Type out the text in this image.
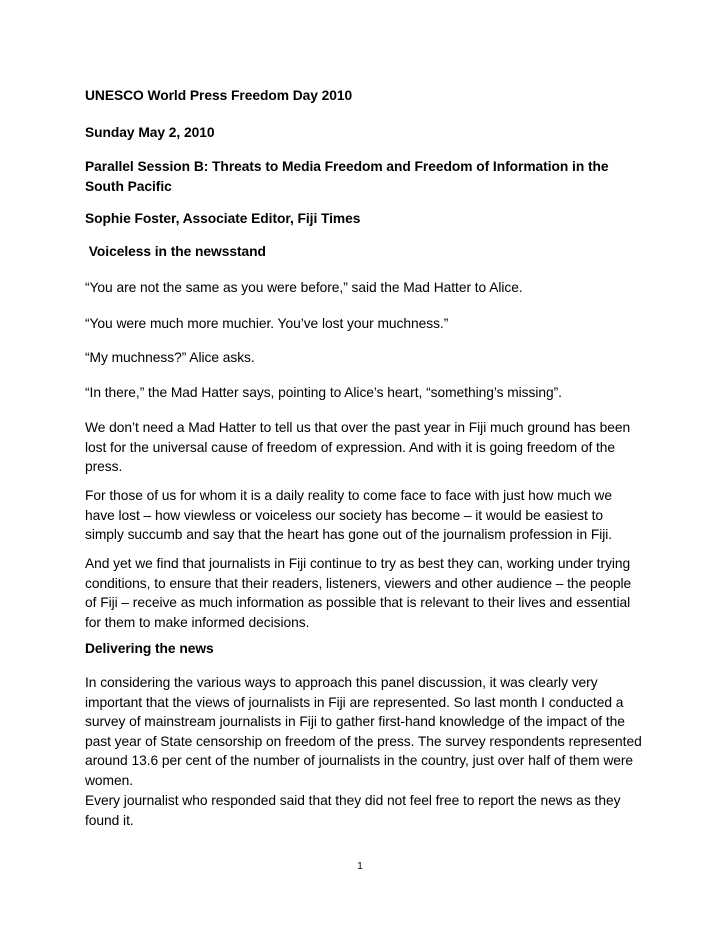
UNESCO World Press Freedom Day 2010

Sunday May 2, 2010

Parallel Session B: Threats to Media Freedom and Freedom of Information in the South Pacific

Sophie Foster, Associate Editor, Fiji Times

Voiceless in the newsstand

“You are not the same as you were before,” said the Mad Hatter to Alice.

“You were much more muchier. You’ve lost your muchness.”

“My muchness?” Alice asks.

“In there,” the Mad Hatter says, pointing to Alice’s heart, “something’s missing”.

We don’t need a Mad Hatter to tell us that over the past year in Fiji much ground has been lost for the universal cause of freedom of expression. And with it is going freedom of the press.

For those of us for whom it is a daily reality to come face to face with just how much we have lost – how viewless or voiceless our society has become – it would be easiest to simply succumb and say that the heart has gone out of the journalism profession in Fiji.

And yet we find that journalists in Fiji continue to try as best they can, working under trying conditions, to ensure that their readers, listeners, viewers and other audience – the people of Fiji – receive as much information as possible that is relevant to their lives and essential for them to make informed decisions.

Delivering the news

In considering the various ways to approach this panel discussion, it was clearly very important that the views of journalists in Fiji are represented. So last month I conducted a survey of mainstream journalists in Fiji to gather first-hand knowledge of the impact of the past year of State censorship on freedom of the press. The survey respondents represented around 13.6 per cent of the number of journalists in the country, just over half of them were women.

Every journalist who responded said that they did not feel free to report the news as they found it.

1
